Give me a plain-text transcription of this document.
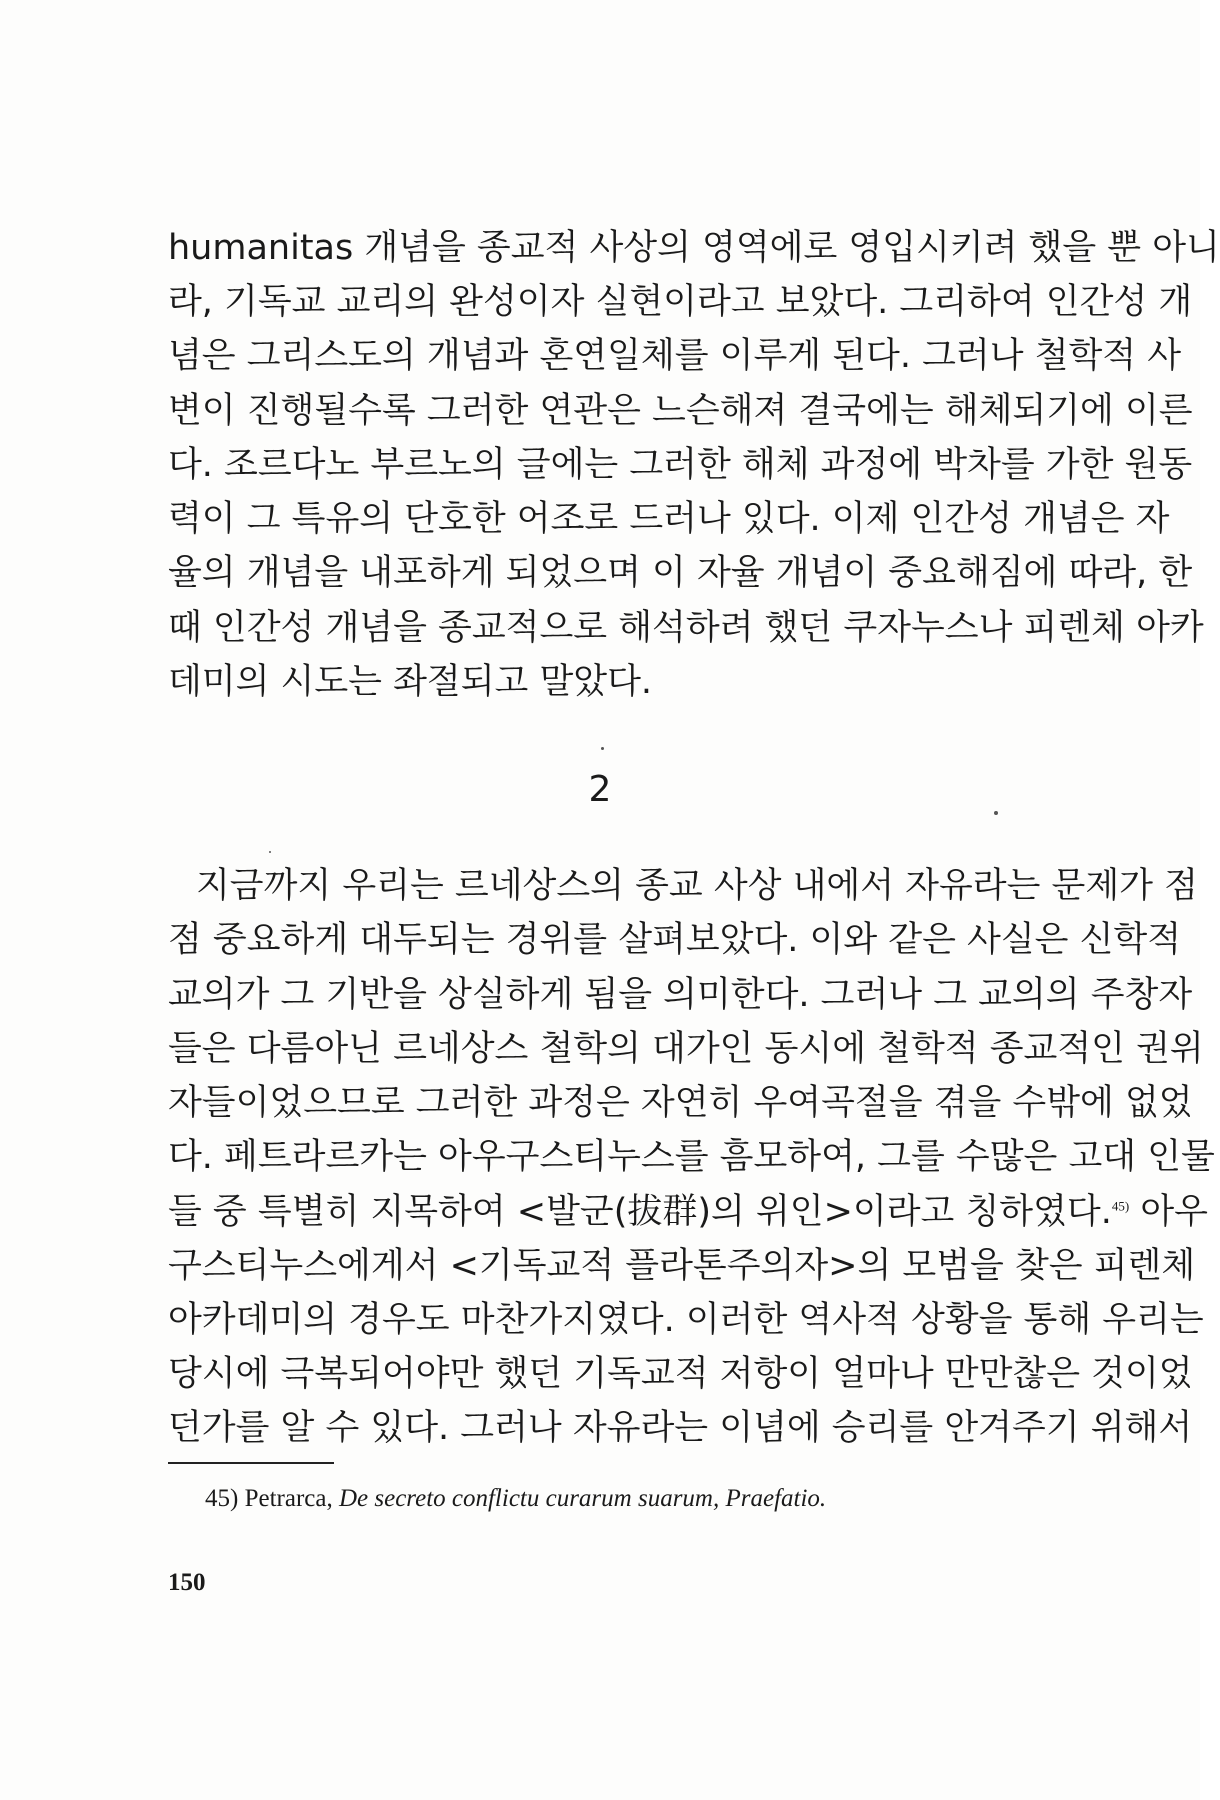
humanitas 개념을 종교적 사상의 영역에로 영입시키려 했을 뿐 아니
라, 기독교 교리의 완성이자 실현이라고 보았다. 그리하여 인간성 개
념은 그리스도의 개념과 혼연일체를 이루게 된다. 그러나 철학적 사
변이 진행될수록 그러한 연관은 느슨해져 결국에는 해체되기에 이른
다. 조르다노 부르노의 글에는 그러한 해체 과정에 박차를 가한 원동
력이 그 특유의 단호한 어조로 드러나 있다. 이제 인간성 개념은 자
율의 개념을 내포하게 되었으며 이 자율 개념이 중요해짐에 따라, 한
때 인간성 개념을 종교적으로 해석하려 했던 쿠자누스나 피렌체 아카
데미의 시도는 좌절되고 말았다.
2
지금까지 우리는 르네상스의 종교 사상 내에서 자유라는 문제가 점
점 중요하게 대두되는 경위를 살펴보았다. 이와 같은 사실은 신학적
교의가 그 기반을 상실하게 됨을 의미한다. 그러나 그 교의의 주창자
들은 다름아닌 르네상스 철학의 대가인 동시에 철학적 종교적인 권위
자들이었으므로 그러한 과정은 자연히 우여곡절을 겪을 수밖에 없었
다. 페트라르카는 아우구스티누스를 흠모하여, 그를 수많은 고대 인물
들 중 특별히 지목하여 <발군(拔群)의 위인>이라고 칭하였다.$^{45)}$ 아우
구스티누스에게서 <기독교적 플라톤주의자>의 모범을 찾은 피렌체
아카데미의 경우도 마찬가지였다. 이러한 역사적 상황을 통해 우리는
당시에 극복되어야만 했던 기독교적 저항이 얼마나 만만찮은 것이었
던가를 알 수 있다. 그러나 자유라는 이념에 승리를 안겨주기 위해서
45) Petrarca, De secreto conflictu curarum suarum, Praefatio.
150
